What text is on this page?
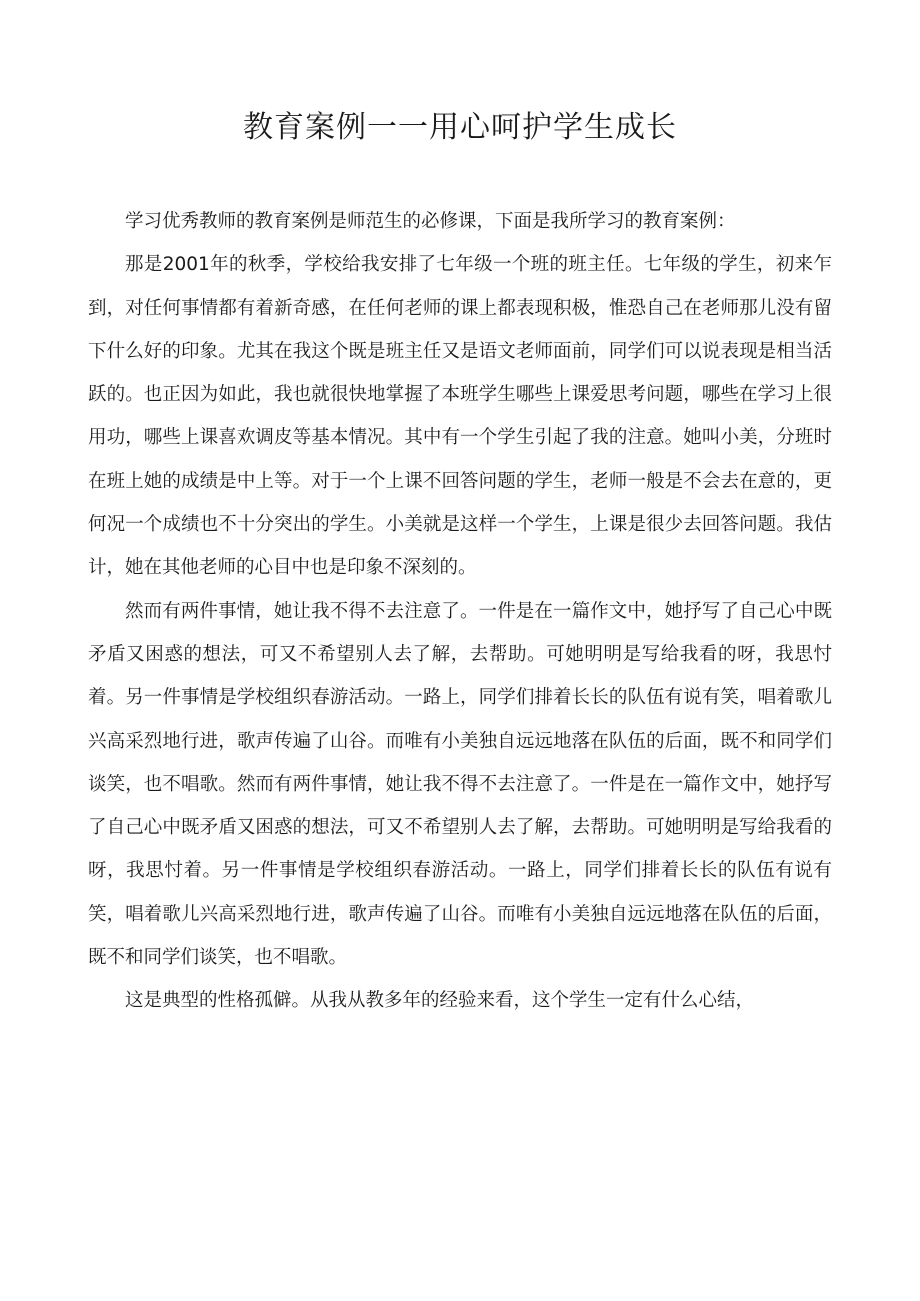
教育案例一一用心呵护学生成长

学习优秀教师的教育案例是师范生的必修课，下面是我所学习的教育案例：

那是2001年的秋季，学校给我安排了七年级一个班的班主任。七年级的学生，初来乍到，对任何事情都有着新奇感，在任何老师的课上都表现积极，惟恐自己在老师那儿没有留下什么好的印象。尤其在我这个既是班主任又是语文老师面前，同学们可以说表现是相当活跃的。也正因为如此，我也就很快地掌握了本班学生哪些上课爱思考问题，哪些在学习上很用功，哪些上课喜欢调皮等基本情况。其中有一个学生引起了我的注意。她叫小美，分班时在班上她的成绩是中上等。对于一个上课不回答问题的学生，老师一般是不会去在意的，更何况一个成绩也不十分突出的学生。小美就是这样一个学生，上课是很少去回答问题。我估计，她在其他老师的心目中也是印象不深刻的。

然而有两件事情，她让我不得不去注意了。一件是在一篇作文中，她抒写了自己心中既矛盾又困惑的想法，可又不希望别人去了解，去帮助。可她明明是写给我看的呀，我思忖着。另一件事情是学校组织春游活动。一路上，同学们排着长长的队伍有说有笑，唱着歌儿兴高采烈地行进，歌声传遍了山谷。而唯有小美独自远远地落在队伍的后面，既不和同学们谈笑，也不唱歌。然而有两件事情，她让我不得不去注意了。一件是在一篇作文中，她抒写了自己心中既矛盾又困惑的想法，可又不希望别人去了解，去帮助。可她明明是写给我看的呀，我思忖着。另一件事情是学校组织春游活动。一路上，同学们排着长长的队伍有说有笑，唱着歌儿兴高采烈地行进，歌声传遍了山谷。而唯有小美独自远远地落在队伍的后面，既不和同学们谈笑，也不唱歌。

这是典型的性格孤僻。从我从教多年的经验来看，这个学生一定有什么心结，
